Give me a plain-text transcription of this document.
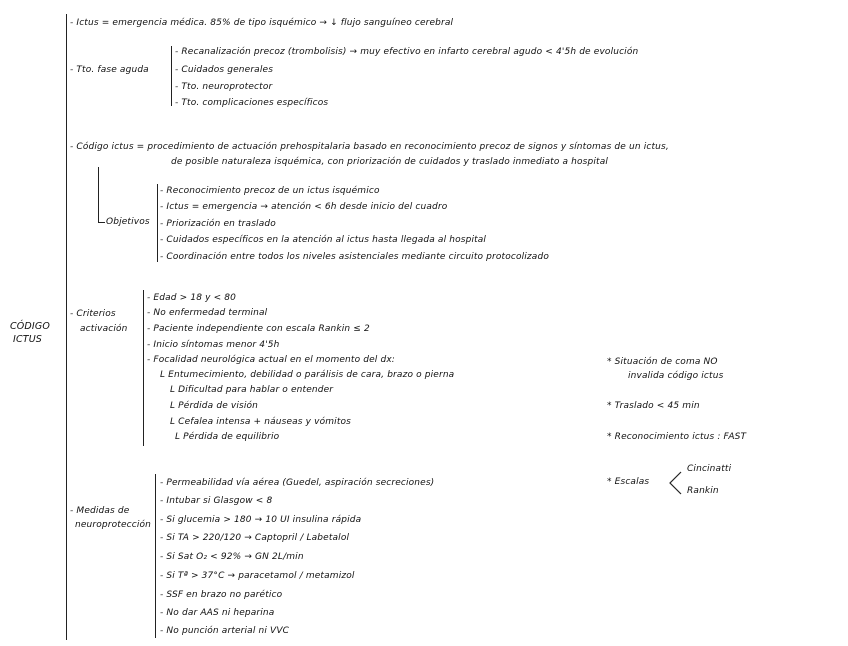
CÓDIGO
ICTUS
- Ictus = emergencia médica. 85% de tipo isquémico → ↓ flujo sanguíneo cerebral
- Tto. fase aguda
- Recanalización precoz (trombolisis) → muy efectivo en infarto cerebral agudo < 4'5h de evolución
- Cuidados generales
- Tto. neuroprotector
- Tto. complicaciones específicos
- Código ictus = procedimiento de actuación prehospitalaria basado en reconocimiento precoz de signos y síntomas de un ictus,
de posible naturaleza isquémica, con priorización de cuidados y traslado inmediato a hospital
Objetivos
- Reconocimiento precoz de un ictus isquémico
- Ictus = emergencia → atención < 6h desde inicio del cuadro
- Priorización en traslado
- Cuidados específicos en la atención al ictus hasta llegada al hospital
- Coordinación entre todos los niveles asistenciales mediante circuito protocolizado
- Criterios
activación
- Edad > 18 y < 80
- No enfermedad terminal
- Paciente independiente con escala Rankin ≤ 2
- Inicio síntomas menor 4'5h
- Focalidad neurológica actual en el momento del dx:
L Entumecimiento, debilidad o parálisis de cara, brazo o pierna
L Dificultad para hablar o entender
L Pérdida de visión
L Cefalea intensa + náuseas y vómitos
L Pérdida de equilibrio
* Situación de coma NO
invalida código ictus
* Traslado < 45 min
* Reconocimiento ictus : FAST
- Medidas de
neuroprotección
- Permeabilidad vía aérea (Guedel, aspiración secreciones)
- Intubar si Glasgow < 8
- Si glucemia > 180 → 10 UI insulina rápida
- Si TA > 220/120 → Captopril / Labetalol
- Si Sat O₂ < 92% → GN 2L/min
- Si Tª > 37°C → paracetamol / metamizol
- SSF en brazo no parético
- No dar AAS ni heparina
- No punción arterial ni VVC
* Escalas
Cincinatti
Rankin
